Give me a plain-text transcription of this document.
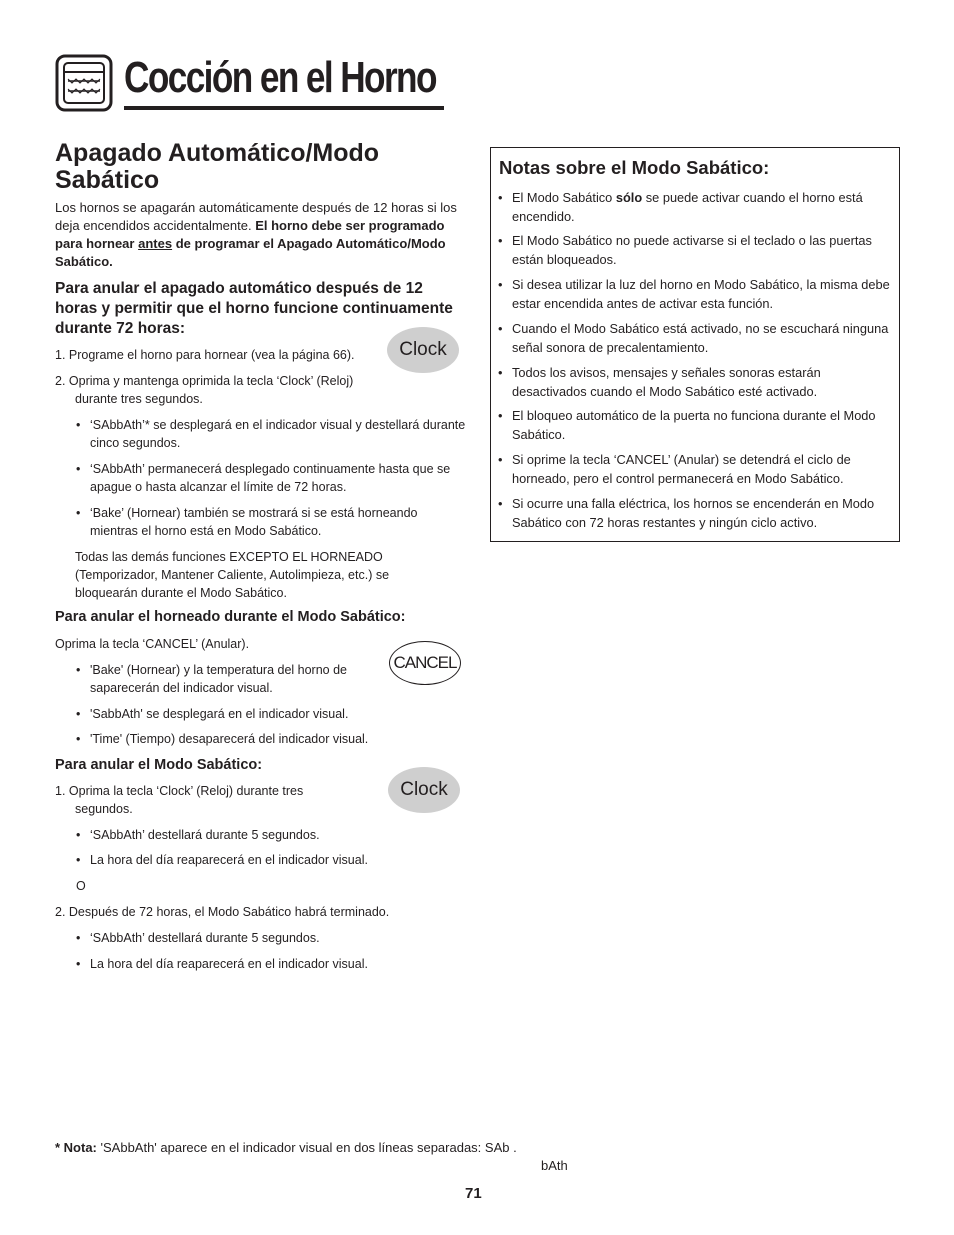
Cocción en el Horno
Apagado Automático/Modo Sabático
Los hornos se apagarán automáticamente después de 12 horas si los deja encendidos accidentalmente. El horno debe ser programado para hornear antes de programar el Apagado Automático/Modo Sabático.
Para anular el apagado automático después de 12 horas y permitir que el horno funcione continuamente durante 72 horas:
1. Programe el horno para hornear (vea la página 66).
2. Oprima y mantenga oprimida la tecla ‘Clock’ (Reloj)
durante tres segundos.
• ‘SAbbAth’* se desplegará en el indicador visual y destellará durante cinco segundos.
• ‘SAbbAth’ permanecerá desplegado continuamente hasta que se apague o hasta alcanzar el límite de 72 horas.
• ‘Bake’ (Hornear) también se mostrará si se está horneando mientras el horno está en Modo Sabático.
Todas las demás funciones EXCEPTO EL HORNEADO (Temporizador, Mantener Caliente, Autolimpieza, etc.) se bloquearán durante el Modo Sabático.
Para anular el horneado durante el Modo Sabático:
Oprima la tecla ‘CANCEL’ (Anular).
• 'Bake' (Hornear) y la temperatura del horno de saparecerán del indicador visual.
• 'SabbAth' se desplegará en el indicador visual.
• 'Time' (Tiempo) desaparecerá del indicador visual.
Para anular el Modo Sabático:
1. Oprima la tecla ‘Clock’ (Reloj) durante tres
segundos.
• ‘SAbbAth’ destellará durante 5 segundos.
• La hora del día reaparecerá en el indicador visual.
O
2. Después de 72 horas, el Modo Sabático habrá terminado.
• ‘SAbbAth’ destellará durante 5 segundos.
• La hora del día reaparecerá en el indicador visual.
Clock
CANCEL
Clock
Notas sobre el Modo Sabático:
• El Modo Sabático sólo se puede activar cuando el horno está encendido.
• El Modo Sabático no puede activarse si el teclado o las puertas están bloqueados.
• Si desea utilizar la luz del horno en Modo Sabático, la misma debe estar encendida antes de activar esta función.
• Cuando el Modo Sabático está activado, no se escuchará ninguna señal sonora de precalentamiento.
• Todos los avisos, mensajes y señales sonoras estarán desactivados cuando el Modo Sabático esté activado.
• El bloqueo automático de la puerta no funciona durante el Modo Sabático.
• Si oprime la tecla ‘CANCEL’ (Anular) se detendrá el ciclo de horneado, pero el control permanecerá en Modo Sabático.
• Si ocurre una falla eléctrica, los hornos se encenderán en Modo Sabático con 72 horas restantes y ningún ciclo activo.
* Nota: 'SAbbAth' aparece en el indicador visual en dos líneas separadas: SAb .
bAth
71
